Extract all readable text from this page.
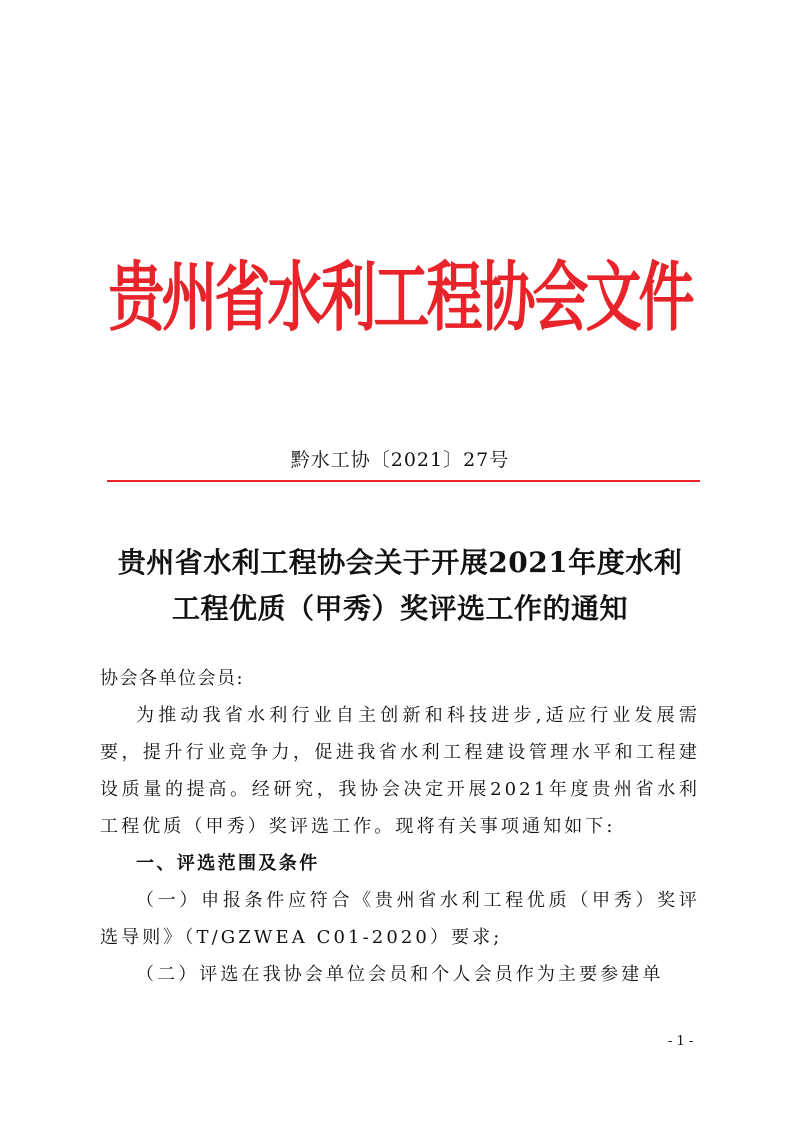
贵州省水利工程协会文件
黔水工协〔2021〕27号
贵州省水利工程协会关于开展2021年度水利
工程优质（甲秀）奖评选工作的通知

协会各单位会员:

为推动我省水利行业自主创新和科技进步,适应行业发展需要，提升行业竞争力，促进我省水利工程建设管理水平和工程建设质量的提高。经研究，我协会决定开展2021年度贵州省水利工程优质（甲秀）奖评选工作。现将有关事项通知如下:

一、评选范围及条件

（一）申报条件应符合《贵州省水利工程优质（甲秀）奖评选导则》（T/GZWEA C01-2020）要求;

（二）评选在我协会单位会员和个人会员作为主要参建单

- 1 -
